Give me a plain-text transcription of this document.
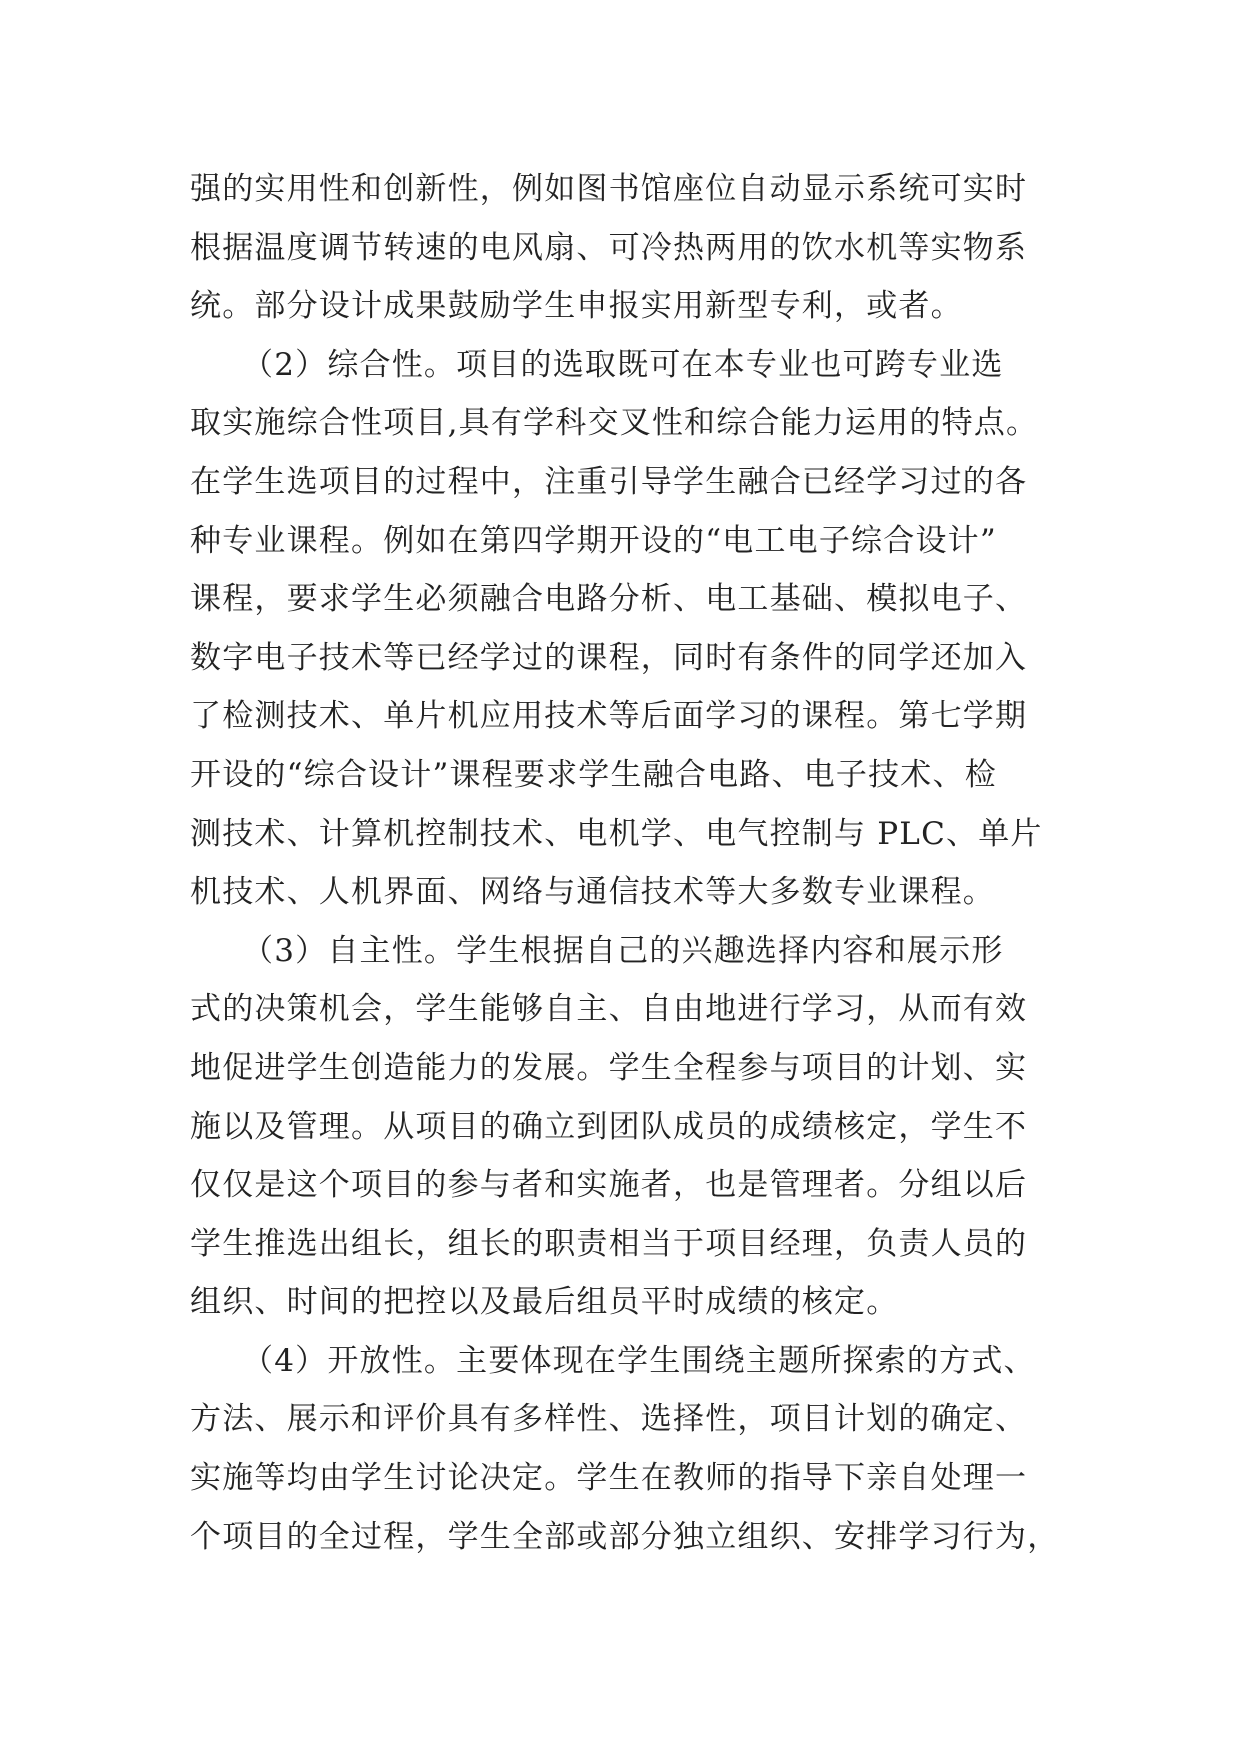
强的实用性和创新性，例如图书馆座位自动显示系统可实时
根据温度调节转速的电风扇、可冷热两用的饮水机等实物系
统。部分设计成果鼓励学生申报实用新型专利，或者。
（2）综合性。项目的选取既可在本专业也可跨专业选
取实施综合性项目,具有学科交叉性和综合能力运用的特点。
在学生选项目的过程中，注重引导学生融合已经学习过的各
种专业课程。例如在第四学期开设的“电工电子综合设计”
课程，要求学生必须融合电路分析、电工基础、模拟电子、
数字电子技术等已经学过的课程，同时有条件的同学还加入
了检测技术、单片机应用技术等后面学习的课程。第七学期
开设的“综合设计”课程要求学生融合电路、电子技术、检
测技术、计算机控制技术、电机学、电气控制与 PLC、单片
机技术、人机界面、网络与通信技术等大多数专业课程。
（3）自主性。学生根据自己的兴趣选择内容和展示形
式的决策机会，学生能够自主、自由地进行学习，从而有效
地促进学生创造能力的发展。学生全程参与项目的计划、实
施以及管理。从项目的确立到团队成员的成绩核定，学生不
仅仅是这个项目的参与者和实施者，也是管理者。分组以后
学生推选出组长，组长的职责相当于项目经理，负责人员的
组织、时间的把控以及最后组员平时成绩的核定。
（4）开放性。主要体现在学生围绕主题所探索的方式、
方法、展示和评价具有多样性、选择性，项目计划的确定、
实施等均由学生讨论决定。学生在教师的指导下亲自处理一
个项目的全过程，学生全部或部分独立组织、安排学习行为，
